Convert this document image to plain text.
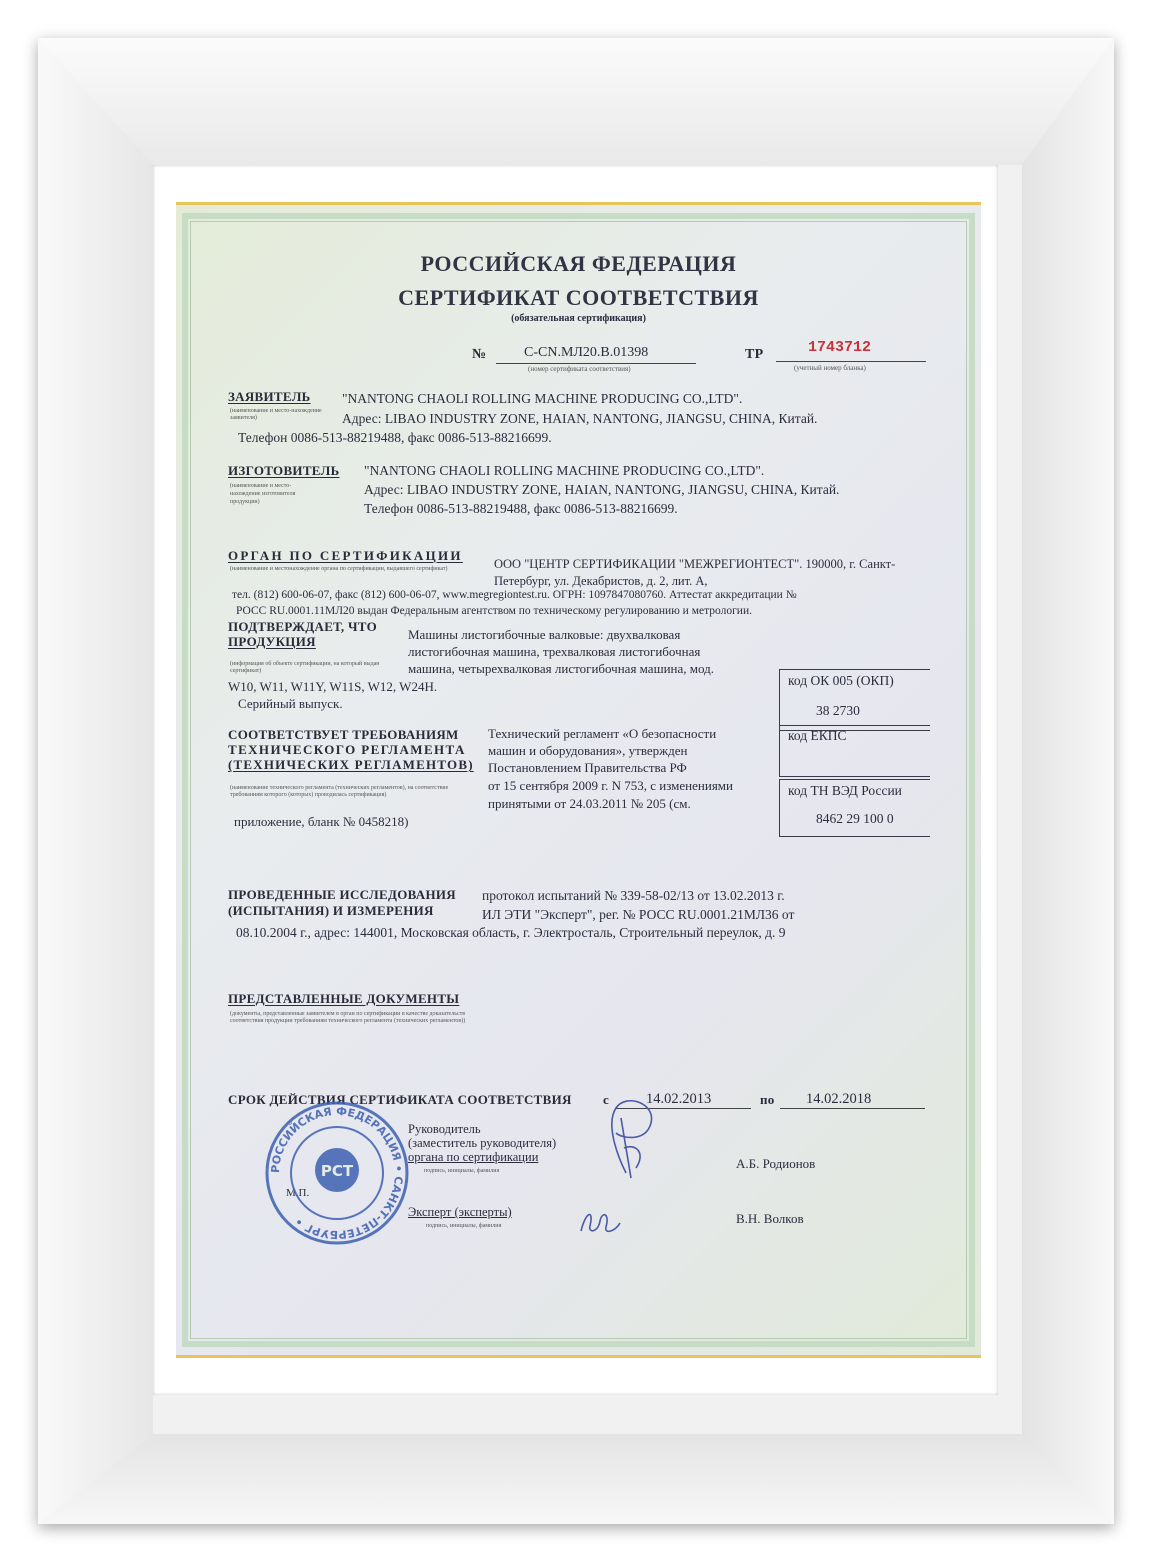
РОССИЙСКАЯ ФЕДЕРАЦИЯ
СЕРТИФИКАТ СООТВЕТСТВИЯ
(обязательная сертификация)
№	C-CN.МЛ20.В.01398
(номер сертификата соответствия)
ТР	1743712
(учетный номер бланка)
ЗАЯВИТЕЛЬ
(наименование и место-нахождение заявителя)
"NANTONG CHAOLI ROLLING MACHINE PRODUCING CO.,LTD".
Адрес: LIBAO INDUSTRY ZONE, HAIAN, NANTONG, JIANGSU, CHINA, Китай.
Телефон 0086-513-88219488, факс 0086-513-88216699.
ИЗГОТОВИТЕЛЬ
(наименование и место-
нахождение изготовителя
продукции)
"NANTONG CHAOLI ROLLING MACHINE PRODUCING CO.,LTD".
Адрес: LIBAO INDUSTRY ZONE, HAIAN, NANTONG, JIANGSU, CHINA, Китай.
Телефон 0086-513-88219488, факс 0086-513-88216699.
ОРГАН ПО СЕРТИФИКАЦИИ
(наименование и местонахождение органа по сертификации, выдавшего сертификат)	ООО "ЦЕНТР СЕРТИФИКАЦИИ "МЕЖРЕГИОНТЕСТ". 190000, г. Санкт-
Петербург, ул. Декабристов, д. 2, лит. А,
тел. (812) 600-06-07, факс (812) 600-06-07, www.megregiontest.ru. ОГРН: 1097847080760. Аттестат аккредитации №
РОСС RU.0001.11МЛ20 выдан Федеральным агентством по техническому регулированию и метрологии.
ПОДТВЕРЖДАЕТ, ЧТО
ПРОДУКЦИЯ
(информация об объекте сертификации, на который выдан сертификат)
Машины листогибочные валковые: двухвалковая
листогибочная машина, трехвалковая листогибочная
машина, четырехвалковая листогибочная машина, мод.
W10, W11, W11Y, W11S, W12, W24H.
Серийный выпуск.
код ОК 005 (ОКП)
38 2730
код ЕКПС
код ТН ВЭД России
8462 29 100 0
СООТВЕТСТВУЕТ ТРЕБОВАНИЯМ
ТЕХНИЧЕСКОГО РЕГЛАМЕНТА
(ТЕХНИЧЕСКИХ РЕГЛАМЕНТОВ)
(наименование технического регламента (технических регламентов), на соответствие требованиям которого (которых) проводилась сертификация)
приложение, бланк № 0458218)
Технический регламент «О безопасности
машин и оборудования», утвержден
Постановлением Правительства РФ
от 15 сентября 2009 г. N 753, с изменениями
принятыми от 24.03.2011 № 205 (см.
ПРОВЕДЕННЫЕ ИССЛЕДОВАНИЯ
(ИСПЫТАНИЯ) И ИЗМЕРЕНИЯ
протокол испытаний № 339-58-02/13 от 13.02.2013 г.
ИЛ ЭТИ "Эксперт", рег. № РОСС RU.0001.21МЛ36 от
08.10.2004 г., адрес: 144001, Московская область, г. Электросталь, Строительный переулок, д. 9
ПРЕДСТАВЛЕННЫЕ ДОКУМЕНТЫ
(документы, представленные заявителем в орган по сертификации в качестве доказательств соответствия продукции требованиям технического регламента (технических регламентов))
СРОК ДЕЙСТВИЯ СЕРТИФИКАТА СООТВЕТСТВИЯ с	14.02.2013	по 14.02.2018
Руководитель
(заместитель руководителя)
органа по сертификации
подпись, инициалы, фамилия	А.Б. Родионов
М.П.
Эксперт (эксперты)
подпись, инициалы, фамилия	В.Н. Волков
РОССИЙСКАЯ ФЕДЕРАЦИЯ • САНКТ-ПЕТЕРБУРГ •
РСТ
